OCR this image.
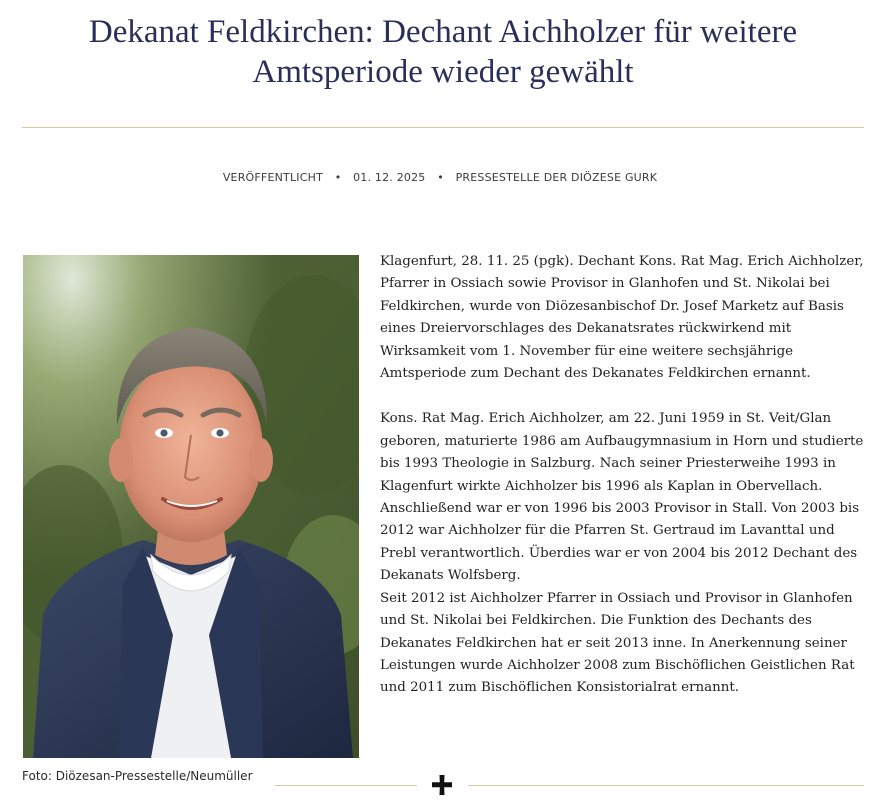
Dekanat Feldkirchen: Dechant Aichholzer für weitere Amtsperiode wieder gewählt
VERÖFFENTLICHT • 01. 12. 2025 • PRESSESTELLE DER DIÖZESE GURK

Klagenfurt, 28. 11. 25 (pgk). Dechant Kons. Rat Mag. Erich Aichholzer, Pfarrer in Ossiach sowie Provisor in Glanhofen und St. Nikolai bei Feldkirchen, wurde von Diözesanbischof Dr. Josef Marketz auf Basis eines Dreiervorschlages des Dekanatsrates rückwirkend mit Wirksamkeit vom 1. November für eine weitere sechsjährige Amtsperiode zum Dechant des Dekanates Feldkirchen ernannt.

Kons. Rat Mag. Erich Aichholzer, am 22. Juni 1959 in St. Veit/Glan geboren, maturierte 1986 am Aufbaugymnasium in Horn und studierte bis 1993 Theologie in Salzburg. Nach seiner Priesterweihe 1993 in Klagenfurt wirkte Aichholzer bis 1996 als Kaplan in Obervellach. Anschließend war er von 1996 bis 2003 Provisor in Stall. Von 2003 bis 2012 war Aichholzer für die Pfarren St. Gertraud im Lavanttal und Prebl verantwortlich. Überdies war er von 2004 bis 2012 Dechant des Dekanats Wolfsberg.

Seit 2012 ist Aichholzer Pfarrer in Ossiach und Provisor in Glanhofen und St. Nikolai bei Feldkirchen. Die Funktion des Dechants des Dekanates Feldkirchen hat er seit 2013 inne. In Anerkennung seiner Leistungen wurde Aichholzer 2008 zum Bischöflichen Geistlichen Rat und 2011 zum Bischöflichen Konsistorialrat ernannt.

Foto: Diözesan-Pressestelle/Neumüller
